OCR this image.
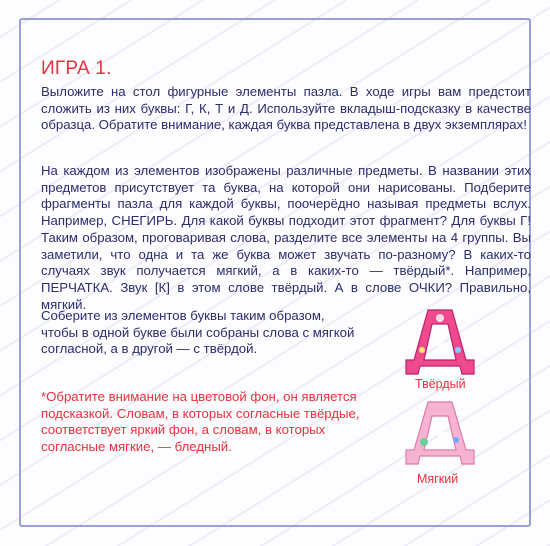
ИГРА 1.

Выложите на стол фигурные элементы пазла. В ходе игры вам предстоит сложить из них буквы: Г, К, Т и Д. Используйте вкладыш-подсказку в качестве образца. Обратите внимание, каждая буква представлена в двух экземплярах!

На каждом из элементов изображены различные предметы. В названии этих предметов присутствует та буква, на которой они нарисованы. Подберите фрагменты пазла для каждой буквы, поочерёдно называя предметы вслух. Например, СНЕГИРЬ. Для какой буквы подходит этот фрагмент? Для буквы Г! Таким образом, проговаривая слова, разделите все элементы на 4 группы. Вы заметили, что одна и та же буква может звучать по-разному? В каких-то случаях звук получается мягкий, а в каких-то — твёрдый*. Например, ПЕРЧАТКА. Звук [К] в этом слове твёрдый. А в слове ОЧКИ? Правильно, мягкий.

Соберите из элементов буквы таким образом, чтобы в одной букве были собраны слова с мягкой согласной, а в другой — с твёрдой.

*Обратите внимание на цветовой фон, он является подсказкой. Словам, в которых согласные твёрдые, соответствует яркий фон, а словам, в которых согласные мягкие, — бледный.

Твёрдый
Мягкий
